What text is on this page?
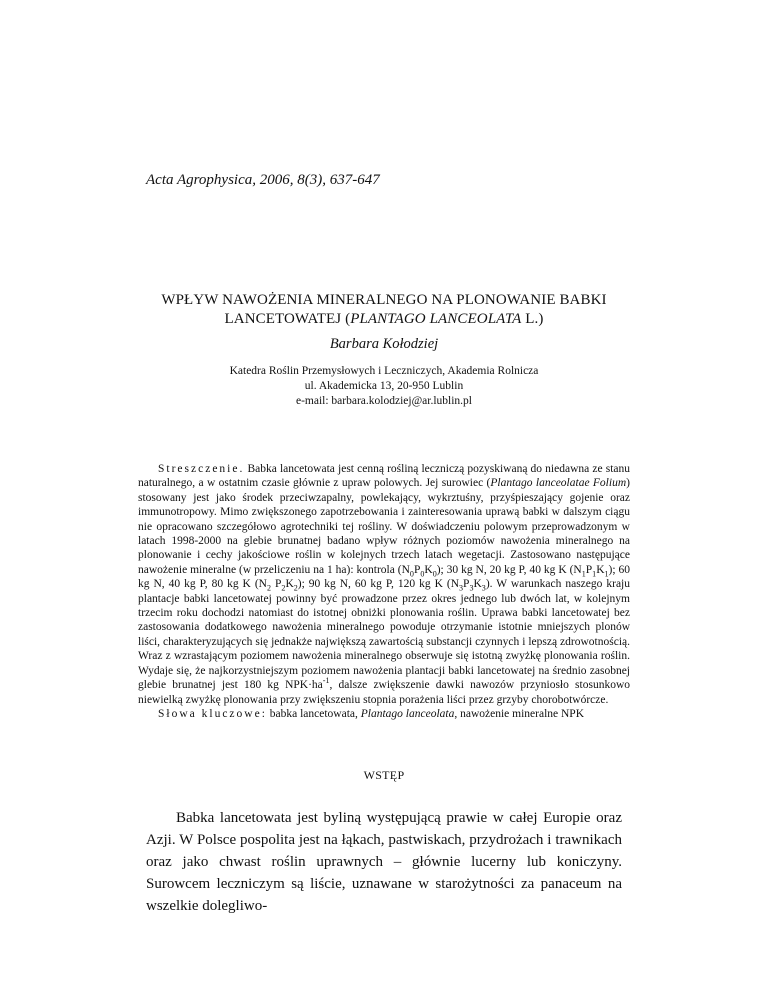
Acta Agrophysica, 2006, 8(3), 637-647
WPŁYW NAWOŻENIA MINERALNEGO NA PLONOWANIE BABKI
LANCETOWATEJ (PLANTAGO LANCEOLATA L.)
Barbara Kołodziej
Katedra Roślin Przemysłowych i Leczniczych, Akademia Rolnicza
ul. Akademicka 13, 20-950 Lublin
e-mail: barbara.kolodziej@ar.lublin.pl

Streszczenie. Babka lancetowata jest cenną rośliną leczniczą pozyskiwaną do niedawna ze stanu naturalnego, a w ostatnim czasie głównie z upraw polowych. Jej surowiec (Plantago lanceolatae Folium) stosowany jest jako środek przeciwzapalny, powlekający, wykrztuśny, przyśpieszający gojenie oraz immunotropowy. Mimo zwiększonego zapotrzebowania i zainteresowania uprawą babki w dalszym ciągu nie opracowano szczegółowo agrotechniki tej rośliny. W doświadczeniu polowym przeprowadzonym w latach 1998-2000 na glebie brunatnej badano wpływ różnych poziomów nawożenia mineralnego na plonowanie i cechy jakościowe roślin w kolejnych trzech latach wegetacji. Zastosowano następujące nawożenie mineralne (w przeliczeniu na 1 ha): kontrola $(N_0P_0K_0)$; 30 kg N, 20 kg P, 40 kg K $(N_1P_1K_1)$; 60 kg N, 40 kg P, 80 kg K ($N_2$ $P_2K_2$); 90 kg N, 60 kg P, 120 kg K $(N_3P_3K_3)$. W warunkach naszego kraju plantacje babki lancetowatej powinny być prowadzone przez okres jednego lub dwóch lat, w kolejnym trzecim roku dochodzi natomiast do istotnej obniżki plonowania roślin. Uprawa babki lancetowatej bez zastosowania dodatkowego nawożenia mineralnego powoduje otrzymanie istotnie mniejszych plonów liści, charakteryzujących się jednakże największą zawartością substancji czynnych i lepszą zdrowotnością. Wraz z wzrastającym poziomem nawożenia mineralnego obserwuje się istotną zwyżkę plonowania roślin. Wydaje się, że najkorzystniejszym poziomem nawożenia plantacji babki lancetowatej na średnio zasobnej glebie brunatnej jest 180 kg $NPK\cdot ha^{-1}$, dalsze zwiększenie dawki nawozów przyniosło stosunkowo niewielką zwyżkę plonowania przy zwiększeniu stopnia porażenia liści przez grzyby chorobotwórcze.

Słowa kluczowe: babka lancetowata, Plantago lanceolata, nawożenie mineralne NPK

WSTĘP

Babka lancetowata jest byliną występującą prawie w całej Europie oraz Azji. W Polsce pospolita jest na łąkach, pastwiskach, przydrożach i trawnikach oraz jako chwast roślin uprawnych – głównie lucerny lub koniczyny. Surowcem leczniczym są liście, uznawane w starożytności za panaceum na wszelkie dolegliwo-
